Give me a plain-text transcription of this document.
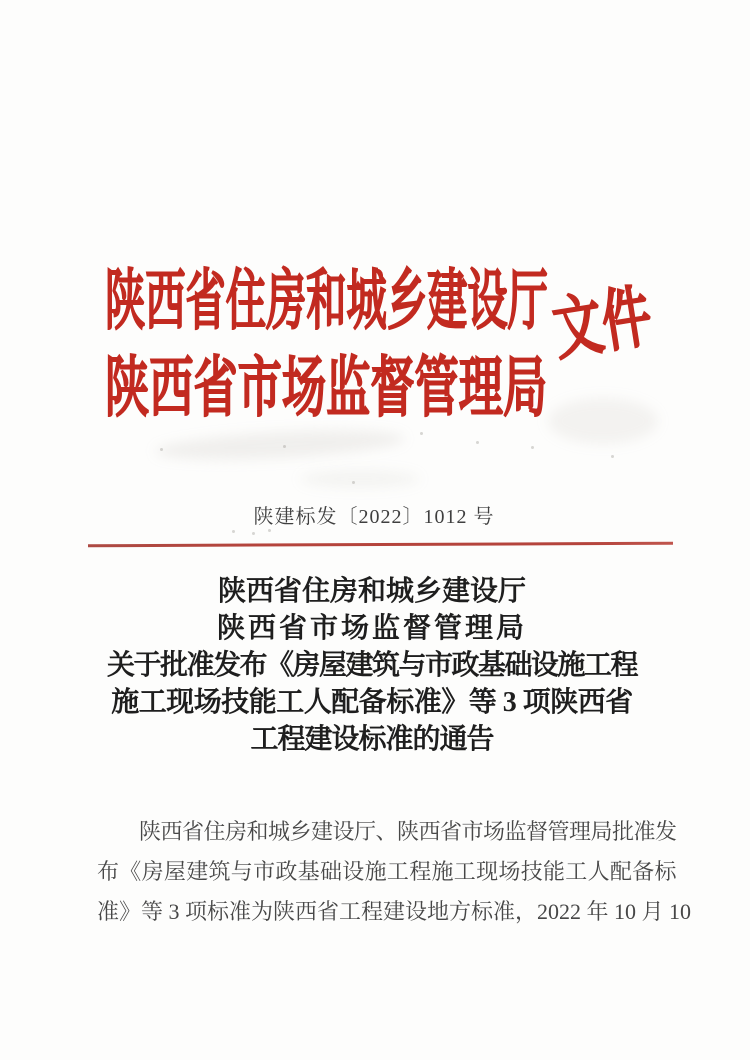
陕西省住房和城乡建设厅
陕西省市场监督管理局
文件
陕建标发〔2022〕1012 号
陕西省住房和城乡建设厅
陕西省市场监督管理局
关于批准发布《房屋建筑与市政基础设施工程
施工现场技能工人配备标准》等 3 项陕西省
工程建设标准的通告
陕西省住房和城乡建设厅、陕西省市场监督管理局批准发
布《房屋建筑与市政基础设施工程施工现场技能工人配备标
准》等 3 项标准为陕西省工程建设地方标准，2022 年 10 月 10
